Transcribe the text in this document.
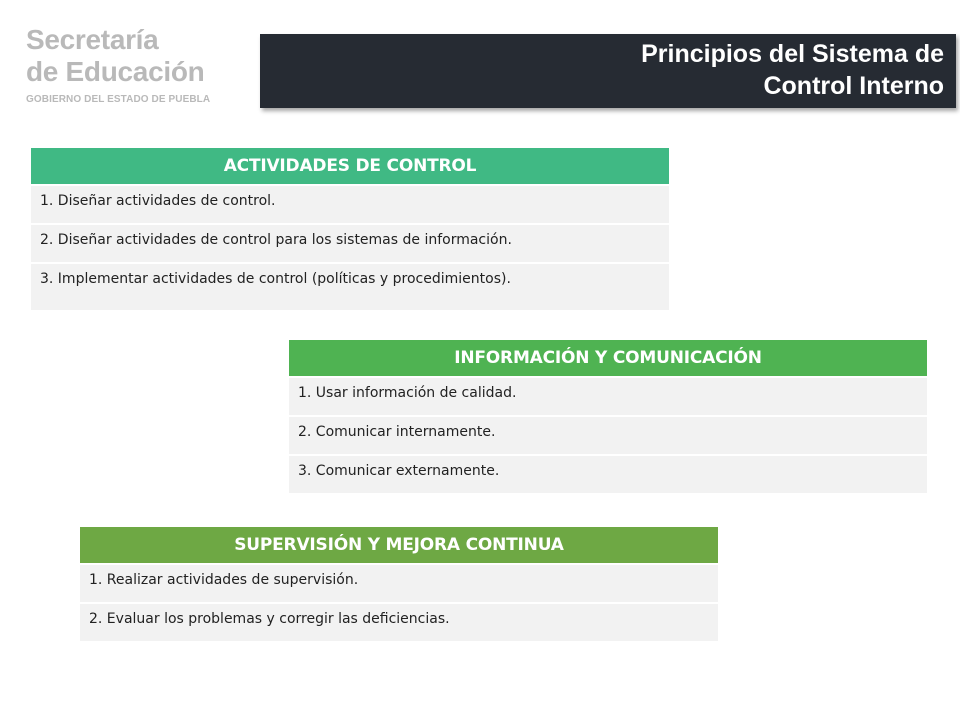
Secretaría
de Educación
GOBIERNO DEL ESTADO DE PUEBLA
Principios del Sistema de
Control Interno
ACTIVIDADES DE CONTROL
1. Diseñar actividades de control.
2. Diseñar actividades de control para los sistemas de información.
3. Implementar actividades de control (políticas y procedimientos).
INFORMACIÓN Y COMUNICACIÓN
1. Usar información de calidad.
2. Comunicar internamente.
3. Comunicar externamente.
SUPERVISIÓN Y MEJORA CONTINUA
1. Realizar actividades de supervisión.
2. Evaluar los problemas y corregir las deficiencias.
